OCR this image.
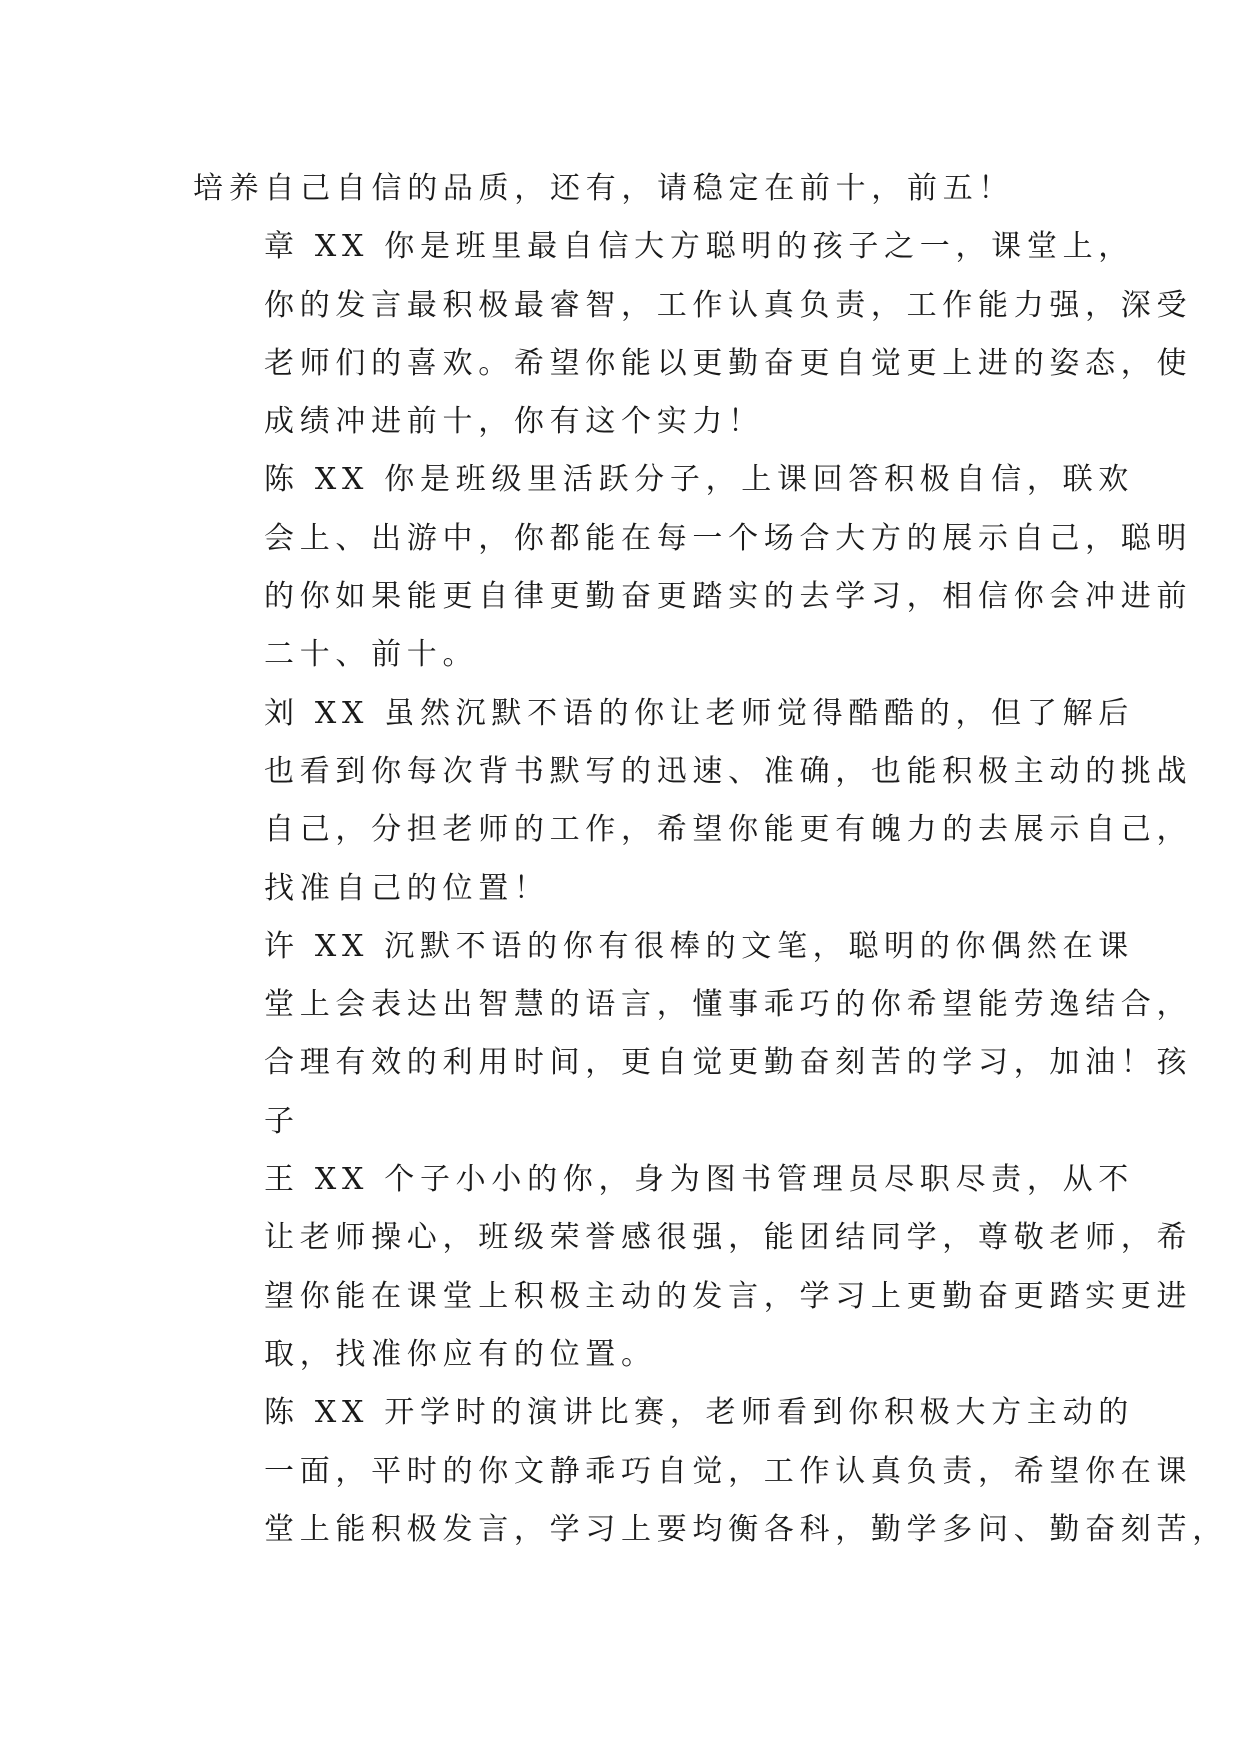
培养自己自信的品质，还有，请稳定在前十，前五！

章 XX 你是班里最自信大方聪明的孩子之一，课堂上，
你的发言最积极最睿智，工作认真负责，工作能力强，深受
老师们的喜欢。希望你能以更勤奋更自觉更上进的姿态，使
成绩冲进前十，你有这个实力！

陈 XX 你是班级里活跃分子，上课回答积极自信，联欢
会上、出游中，你都能在每一个场合大方的展示自己，聪明
的你如果能更自律更勤奋更踏实的去学习，相信你会冲进前
二十、前十。

刘 XX 虽然沉默不语的你让老师觉得酷酷的，但了解后
也看到你每次背书默写的迅速、准确，也能积极主动的挑战
自己，分担老师的工作，希望你能更有魄力的去展示自己，
找准自己的位置！

许 XX 沉默不语的你有很棒的文笔，聪明的你偶然在课
堂上会表达出智慧的语言，懂事乖巧的你希望能劳逸结合，
合理有效的利用时间，更自觉更勤奋刻苦的学习，加油！孩
子

王 XX 个子小小的你，身为图书管理员尽职尽责，从不
让老师操心，班级荣誉感很强，能团结同学，尊敬老师，希
望你能在课堂上积极主动的发言，学习上更勤奋更踏实更进
取，找准你应有的位置。

陈 XX 开学时的演讲比赛，老师看到你积极大方主动的
一面，平时的你文静乖巧自觉，工作认真负责，希望你在课
堂上能积极发言，学习上要均衡各科，勤学多问、勤奋刻苦，
